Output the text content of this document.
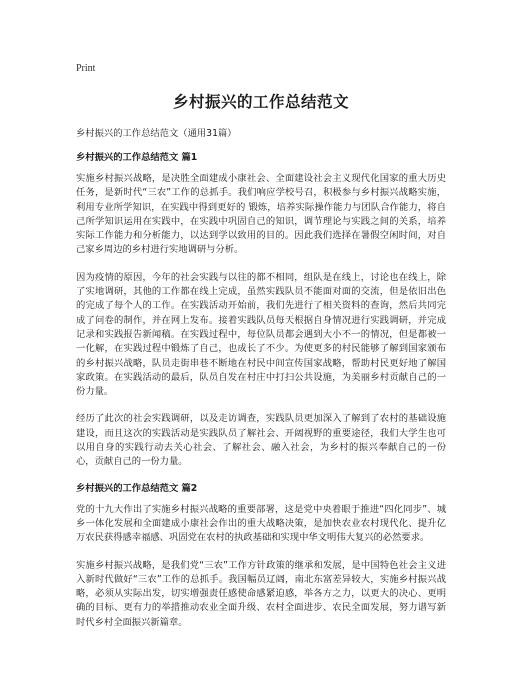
Print
乡村振兴的工作总结范文
乡村振兴的工作总结范文（通用31篇）
乡村振兴的工作总结范文 篇1
实施乡村振兴战略，是决胜全面建成小康社会、全面建设社会主义现代化国家的重大历史任务，是新时代“三农”工作的总抓手。我们响应学校号召，积极参与乡村振兴战略实施，利用专业所学知识，在实践中得到更好的 锻炼，培养实际操作能力与团队合作能力，将自己所学知识运用在实践中，在实践中巩固自己的知识，调节理论与实践之间的关系，培养实际工作能力和分析能力，以达到学以致用的目的。因此我们选择在暑假空闲时间，对自己家乡周边的乡村进行实地调研与分析。
因为疫情的原因，今年的社会实践与以往的都不相同，组队是在线上，讨论也在线上，除了实地调研，其他的工作都在线上完成，虽然实践队员不能面对面的交流，但是依旧出色的完成了每个人的工作。在实践活动开始前，我们先进行了相关资料的查询，然后共同完成了问卷的制作，并在网上发布。接着实践队员每天根据自身情况进行实践调研，并完成记录和实践报告新闻稿。在实践过程中，每位队员都会遇到大小不一的情况，但是都被一一化解，在实践过程中锻炼了自己，也成长了不少。为使更多的村民能够了解到国家颁布的乡村振兴战略，队员走街串巷不断地在村民中间宣传国家战略，帮助村民更好地了解国家政策。在实践活动的最后，队员自发在村庄中打扫公共设施，为美丽乡村贡献自己的一份力量。
经历了此次的社会实践调研，以及走访调查，实践队员更加深入了解到了农村的基础设施建设，而且这次的实践活动是实践队员了解社会、开阔视野的重要途径，我们大学生也可以用自身的实践行动去关心社会、了解社会、融入社会，为乡村的振兴奉献自己的一份心，贡献自己的一份力量。
乡村振兴的工作总结范文 篇2
党的十九大作出了实施乡村振兴战略的重要部署，这是党中央着眼于推进“四化同步”、城乡一体化发展和全面建成小康社会作出的重大战略决策，是加快农业农村现代化、提升亿万农民获得感幸福感、巩固党在农村的执政基础和实现中华文明伟大复兴的必然要求。
实施乡村振兴战略，是我们党“三农”工作方针政策的继承和发展，是中国特色社会主义进入新时代做好“三农”工作的总抓手。我国幅员辽阔，南北东富差异较大，实施乡村振兴战略，必须从实际出发，切实增强责任感使命感紧迫感，举各方之力，以更大的决心、更明确的目标、更有力的举措推动农业全面升级、农村全面进步、农民全面发展，努力谱写新时代乡村全面振兴新篇章。
